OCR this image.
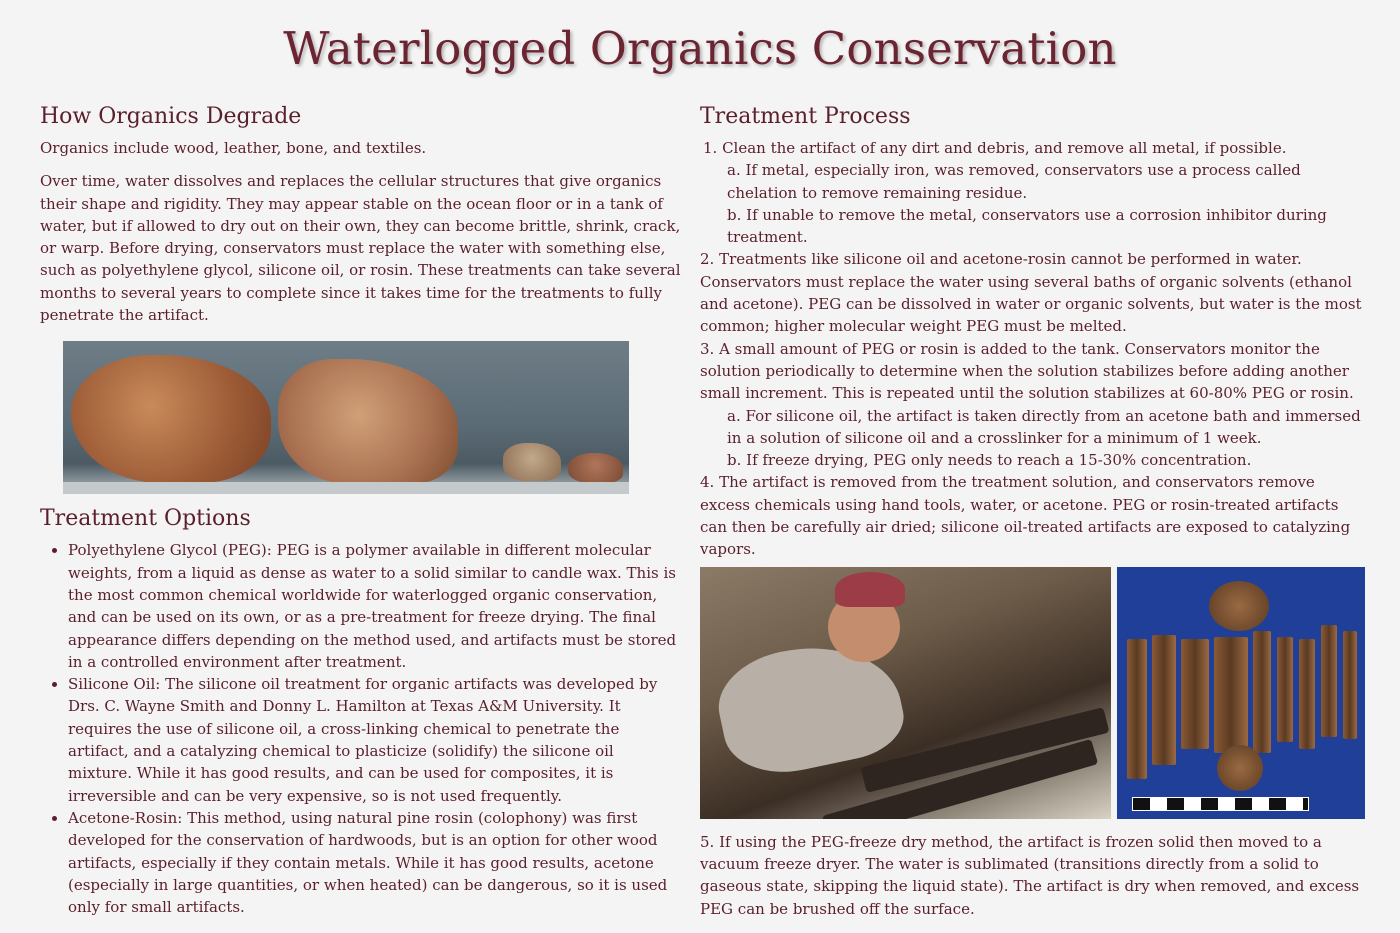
Waterlogged Organics Conservation
How Organics Degrade

Organics include wood, leather, bone, and textiles.

Over time, water dissolves and replaces the cellular structures that give organics their shape and rigidity. They may appear stable on the ocean floor or in a tank of water, but if allowed to dry out on their own, they can become brittle, shrink, crack, or warp. Before drying, conservators must replace the water with something else, such as polyethylene glycol, silicone oil, or rosin. These treatments can take several months to several years to complete since it takes time for the treatments to fully penetrate the artifact.

Treatment Options
• Polyethylene Glycol (PEG): PEG is a polymer available in different molecular weights, from a liquid as dense as water to a solid similar to candle wax. This is the most common chemical worldwide for waterlogged organic conservation, and can be used on its own, or as a pre-treatment for freeze drying. The final appearance differs depending on the method used, and artifacts must be stored in a controlled environment after treatment.
• Silicone Oil: The silicone oil treatment for organic artifacts was developed by Drs. C. Wayne Smith and Donny L. Hamilton at Texas A&M University. It requires the use of silicone oil, a cross-linking chemical to penetrate the artifact, and a catalyzing chemical to plasticize (solidify) the silicone oil mixture. While it has good results, and can be used for composites, it is irreversible and can be very expensive, so is not used frequently.
• Acetone-Rosin: This method, using natural pine rosin (colophony) was first developed for the conservation of hardwoods, but is an option for other wood artifacts, especially if they contain metals. While it has good results, acetone (especially in large quantities, or when heated) can be dangerous, so it is used only for small artifacts.
Treatment Process
1. Clean the artifact of any dirt and debris, and remove all metal, if possible.
a. If metal, especially iron, was removed, conservators use a process called chelation to remove remaining residue.
b. If unable to remove the metal, conservators use a corrosion inhibitor during treatment.
2. Treatments like silicone oil and acetone-rosin cannot be performed in water. Conservators must replace the water using several baths of organic solvents (ethanol and acetone). PEG can be dissolved in water or organic solvents, but water is the most common; higher molecular weight PEG must be melted.
3. A small amount of PEG or rosin is added to the tank. Conservators monitor the solution periodically to determine when the solution stabilizes before adding another small increment. This is repeated until the solution stabilizes at 60-80% PEG or rosin.
a. For silicone oil, the artifact is taken directly from an acetone bath and immersed in a solution of silicone oil and a crosslinker for a minimum of 1 week.
b. If freeze drying, PEG only needs to reach a 15-30% concentration.
4. The artifact is removed from the treatment solution, and conservators remove excess chemicals using hand tools, water, or acetone. PEG or rosin-treated artifacts can then be carefully air dried; silicone oil-treated artifacts are exposed to catalyzing vapors.
5. If using the PEG-freeze dry method, the artifact is frozen solid then moved to a vacuum freeze dryer. The water is sublimated (transitions directly from a solid to gaseous state, skipping the liquid state). The artifact is dry when removed, and excess PEG can be brushed off the surface.
